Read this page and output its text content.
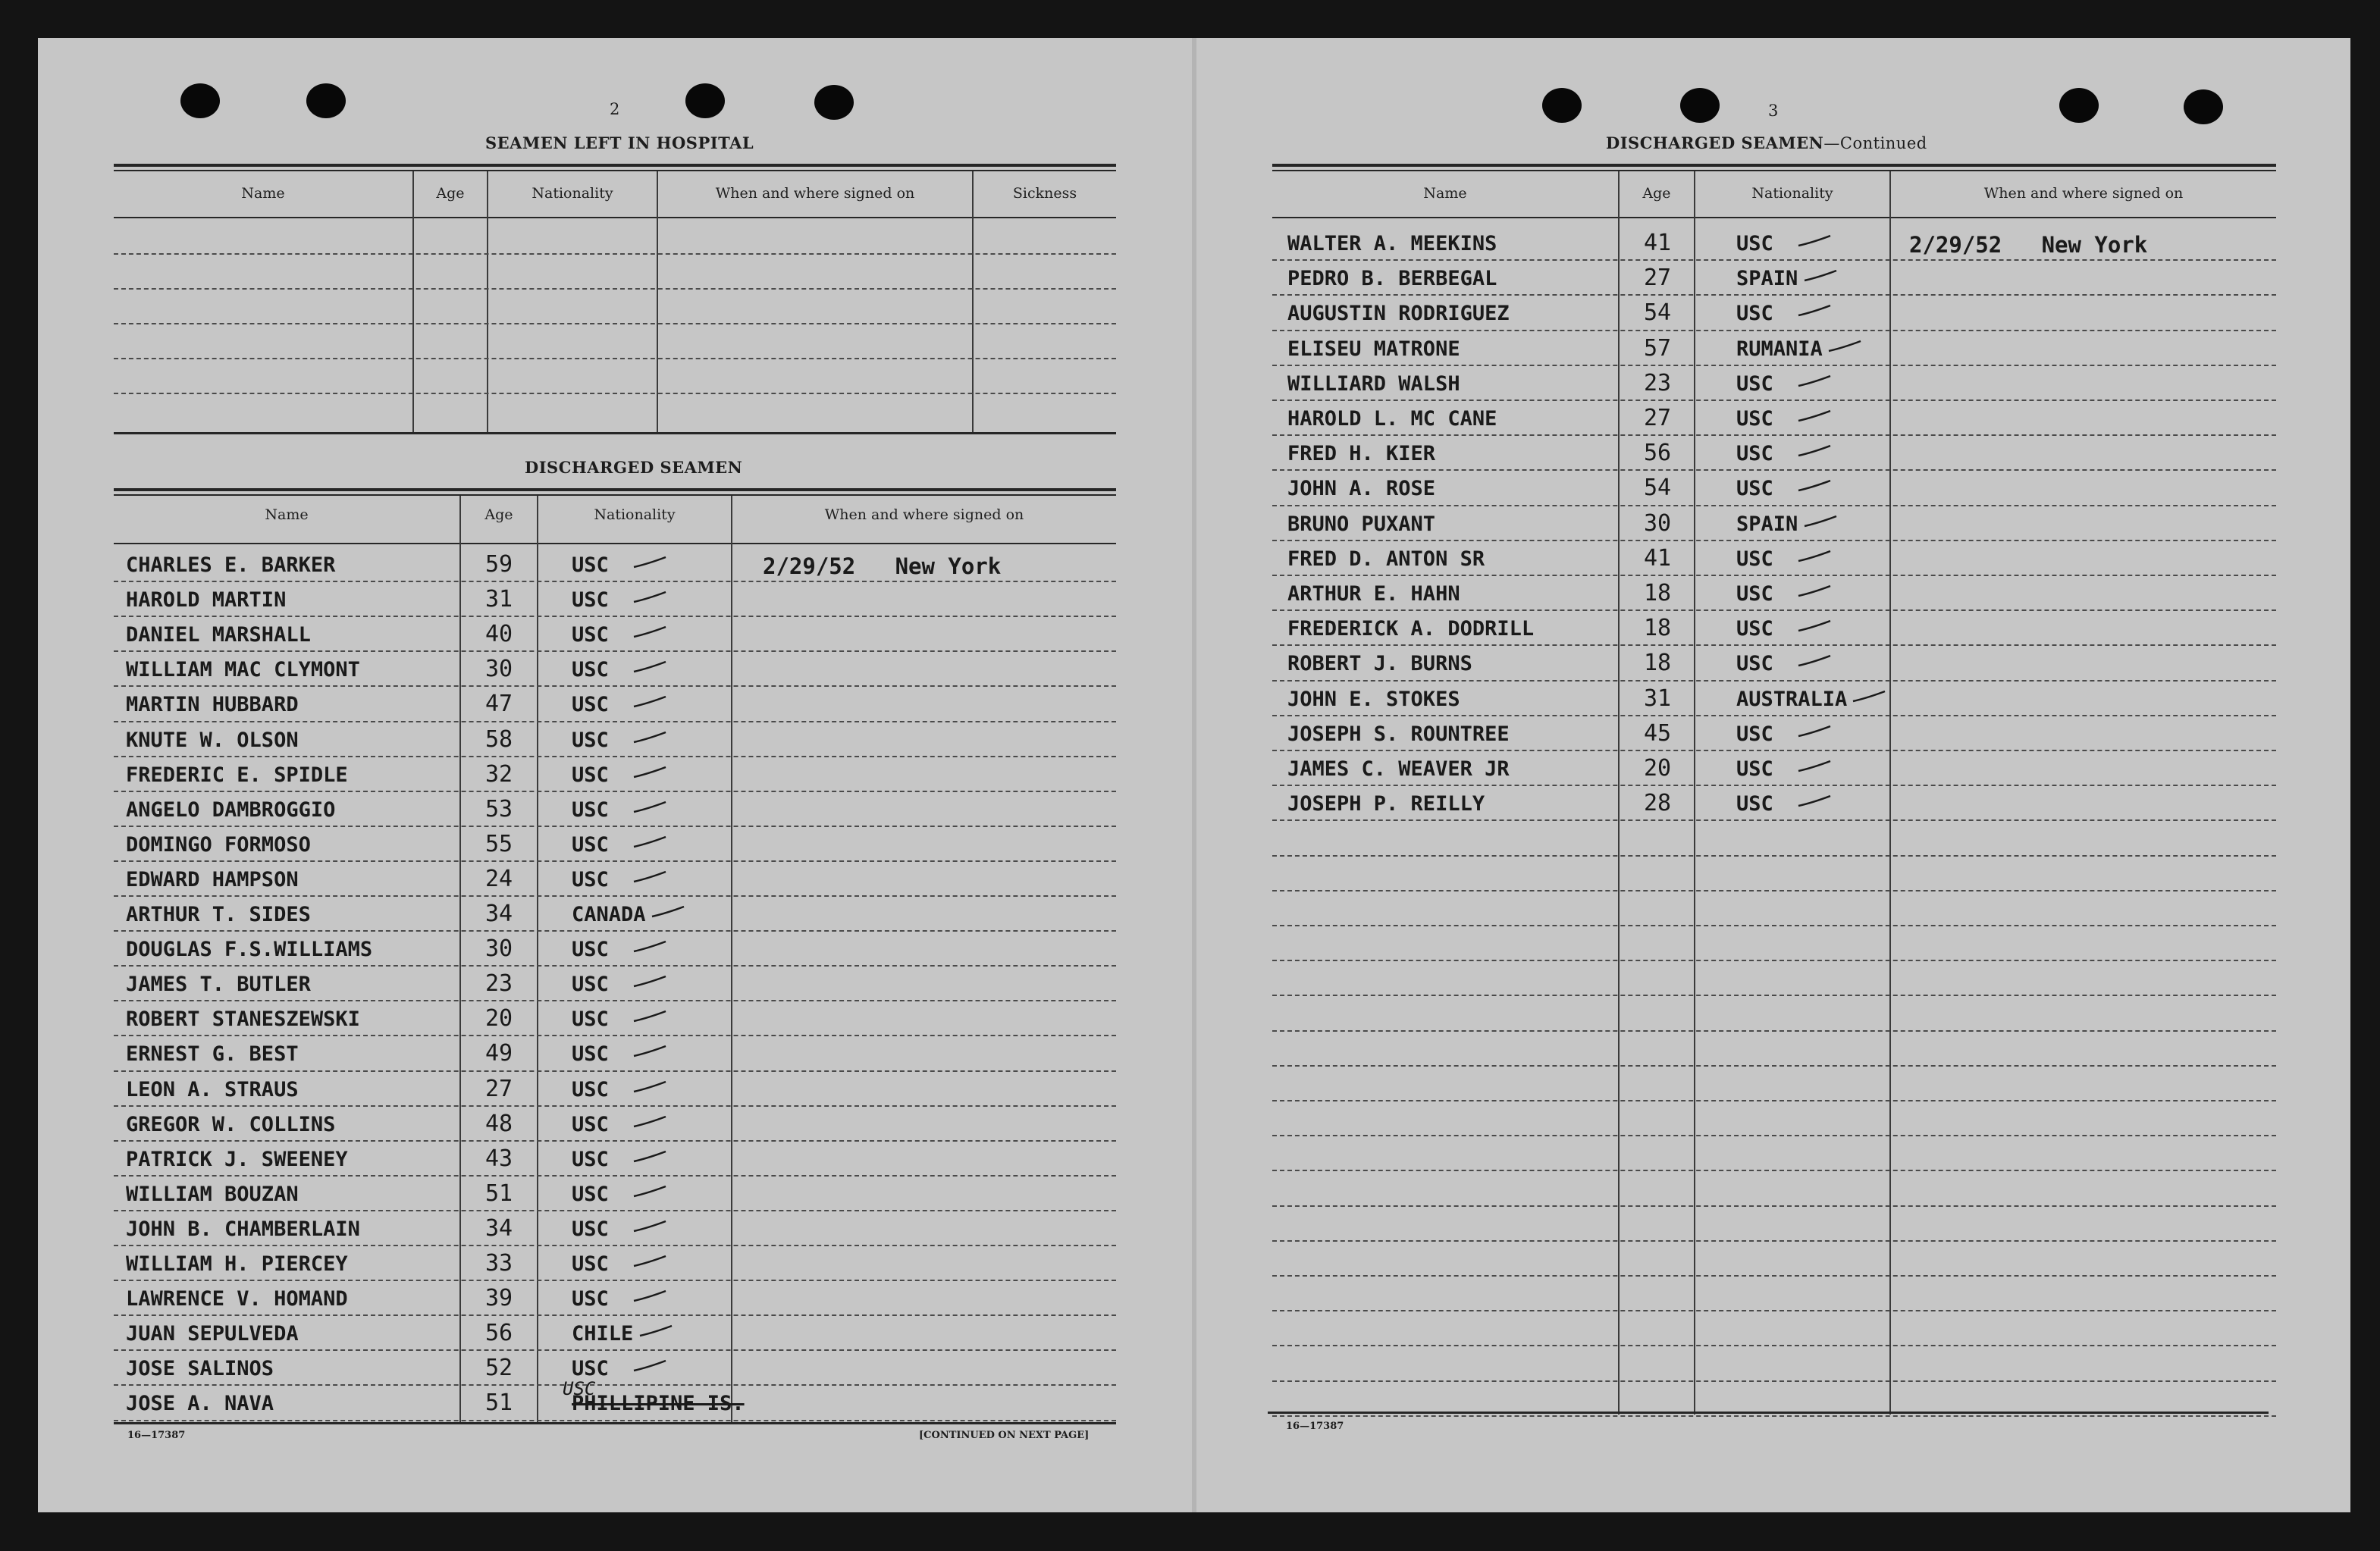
2
SEAMEN LEFT IN HOSPITAL
Name	Age	Nationality	When and where signed on	Sickness
DISCHARGED SEAMEN
Name	Age	Nationality	When and where signed on
CHARLES E. BARKER	59	USC	2/29/52   New York
HAROLD MARTIN	31	USC
DANIEL MARSHALL	40	USC
WILLIAM MAC CLYMONT	30	USC
MARTIN HUBBARD	47	USC
KNUTE W. OLSON	58	USC
FREDERIC E. SPIDLE	32	USC
ANGELO DAMBROGGIO	53	USC
DOMINGO FORMOSO	55	USC
EDWARD HAMPSON	24	USC
ARTHUR T. SIDES	34	CANADA
DOUGLAS F.S.WILLIAMS	30	USC
JAMES T. BUTLER	23	USC
ROBERT STANESZEWSKI	20	USC
ERNEST G. BEST	49	USC
LEON A. STRAUS	27	USC
GREGOR W. COLLINS	48	USC
PATRICK J. SWEENEY	43	USC
WILLIAM BOUZAN	51	USC
JOHN B. CHAMBERLAIN	34	USC
WILLIAM H. PIERCEY	33	USC
LAWRENCE V. HOMAND	39	USC
JUAN SEPULVEDA	56	CHILE
JOSE SALINOS	52	USC
JOSE A. NAVA	51	PHILLIPINE IS.
USC
16—17387	[CONTINUED ON NEXT PAGE]
3
DISCHARGED SEAMEN—Continued
Name	Age	Nationality	When and where signed on
WALTER A. MEEKINS	41	USC	2/29/52   New York
PEDRO B. BERBEGAL	27	SPAIN
AUGUSTIN RODRIGUEZ	54	USC
ELISEU MATRONE	57	RUMANIA
WILLIARD WALSH	23	USC
HAROLD L. MC CANE	27	USC
FRED H. KIER	56	USC
JOHN A. ROSE	54	USC
BRUNO PUXANT	30	SPAIN
FRED D. ANTON SR	41	USC
ARTHUR E. HAHN	18	USC
FREDERICK A. DODRILL	18	USC
ROBERT J. BURNS	18	USC
JOHN E. STOKES	31	AUSTRALIA
JOSEPH S. ROUNTREE	45	USC
JAMES C. WEAVER JR	20	USC
JOSEPH P. REILLY	28	USC
16—17387
